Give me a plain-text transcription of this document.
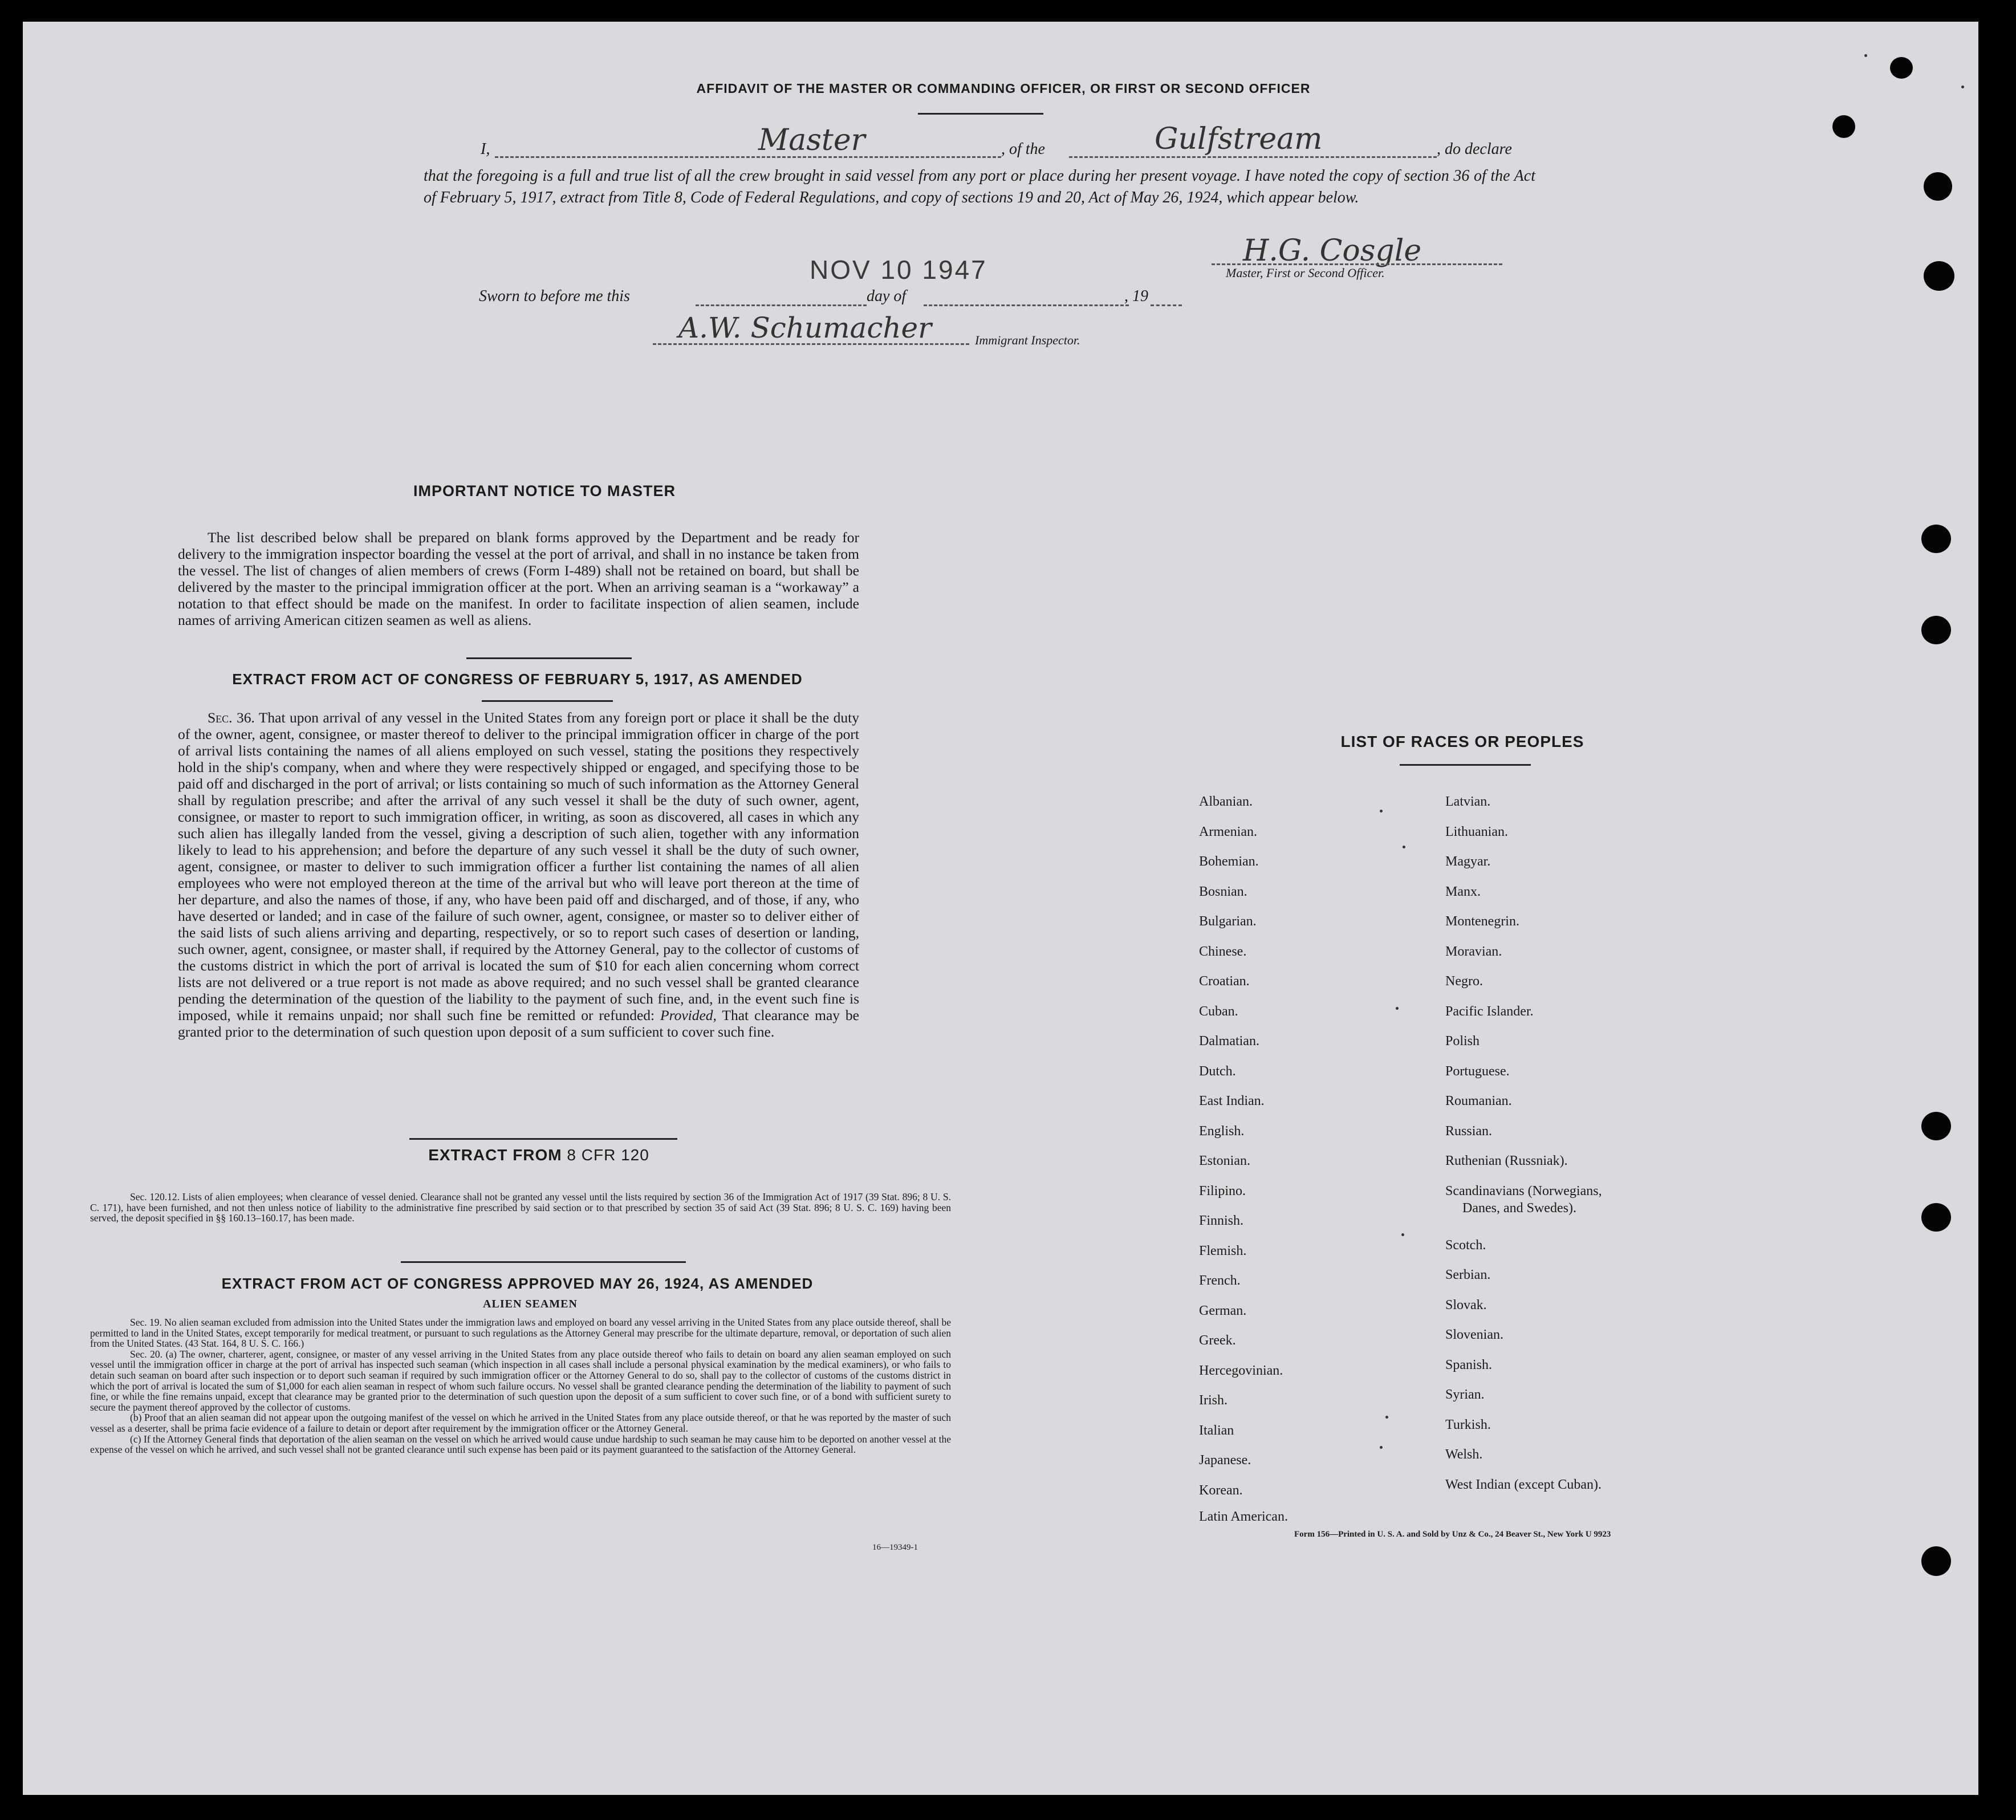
AFFIDAVIT OF THE MASTER OR COMMANDING OFFICER, OR FIRST OR SECOND OFFICER
I,	Master	, of the	Gulfstream	, do declare
that the foregoing is a full and true list of all the crew brought in said vessel from any port or place during her present voyage. I have noted the copy of section 36 of the Act of February 5, 1917, extract from Title 8, Code of Federal Regulations, and copy of sections 19 and 20, Act of May 26, 1924, which appear below.
H.G. Cosgle
Master, First or Second Officer.
NOV 10 1947
Sworn to before me this	day of	, 19
A.W. Schumacher	Immigrant Inspector.
IMPORTANT NOTICE TO MASTER

The list described below shall be prepared on blank forms approved by the Department and be ready for delivery to the immigration inspector boarding the vessel at the port of arrival, and shall in no instance be taken from the vessel. The list of changes of alien members of crews (Form I-489) shall not be retained on board, but shall be delivered by the master to the principal immigration officer at the port. When an arriving seaman is a “workaway” a notation to that effect should be made on the manifest. In order to facilitate inspection of alien seamen, include names of arriving American citizen seamen as well as aliens.

EXTRACT FROM ACT OF CONGRESS OF FEBRUARY 5, 1917, AS AMENDED

Sec. 36. That upon arrival of any vessel in the United States from any foreign port or place it shall be the duty of the owner, agent, consignee, or master thereof to deliver to the principal immigration officer in charge of the port of arrival lists containing the names of all aliens employed on such vessel, stating the positions they respectively hold in the ship's company, when and where they were respectively shipped or engaged, and specifying those to be paid off and discharged in the port of arrival; or lists containing so much of such information as the Attorney General shall by regulation prescribe; and after the arrival of any such vessel it shall be the duty of such owner, agent, consignee, or master to report to such immigration officer, in writing, as soon as discovered, all cases in which any such alien has illegally landed from the vessel, giving a description of such alien, together with any information likely to lead to his apprehension; and before the departure of any such vessel it shall be the duty of such owner, agent, consignee, or master to deliver to such immigration officer a further list containing the names of all alien employees who were not employed thereon at the time of the arrival but who will leave port thereon at the time of her departure, and also the names of those, if any, who have been paid off and discharged, and of those, if any, who have deserted or landed; and in case of the failure of such owner, agent, consignee, or master so to deliver either of the said lists of such aliens arriving and departing, respectively, or so to report such cases of desertion or landing, such owner, agent, consignee, or master shall, if required by the Attorney General, pay to the collector of customs of the customs district in which the port of arrival is located the sum of $10 for each alien concerning whom correct lists are not delivered or a true report is not made as above required; and no such vessel shall be granted clearance pending the determination of the question of the liability to the payment of such fine, and, in the event such fine is imposed, while it remains unpaid; nor shall such fine be remitted or refunded: Provided, That clearance may be granted prior to the determination of such question upon deposit of a sum sufficient to cover such fine.

EXTRACT FROM 8 CFR 120

Sec. 120.12. Lists of alien employees; when clearance of vessel denied. Clearance shall not be granted any vessel until the lists required by section 36 of the Immigration Act of 1917 (39 Stat. 896; 8 U. S. C. 171), have been furnished, and not then unless notice of liability to the administrative fine prescribed by said section or to that prescribed by section 35 of said Act (39 Stat. 896; 8 U. S. C. 169) having been served, the deposit specified in §§ 160.13–160.17, has been made.

EXTRACT FROM ACT OF CONGRESS APPROVED MAY 26, 1924, AS AMENDED
ALIEN SEAMEN

Sec. 19. No alien seaman excluded from admission into the United States under the immigration laws and employed on board any vessel arriving in the United States from any place outside thereof, shall be permitted to land in the United States, except temporarily for medical treatment, or pursuant to such regulations as the Attorney General may prescribe for the ultimate departure, removal, or deportation of such alien from the United States. (43 Stat. 164, 8 U. S. C. 166.)

Sec. 20. (a) The owner, charterer, agent, consignee, or master of any vessel arriving in the United States from any place outside thereof who fails to detain on board any alien seaman employed on such vessel until the immigration officer in charge at the port of arrival has inspected such seaman (which inspection in all cases shall include a personal physical examination by the medical examiners), or who fails to detain such seaman on board after such inspection or to deport such seaman if required by such immigration officer or the Attorney General to do so, shall pay to the collector of customs of the customs district in which the port of arrival is located the sum of $1,000 for each alien seaman in respect of whom such failure occurs. No vessel shall be granted clearance pending the determination of the liability to payment of such fine, or while the fine remains unpaid, except that clearance may be granted prior to the determination of such question upon the deposit of a sum sufficient to cover such fine, or of a bond with sufficient surety to secure the payment thereof approved by the collector of customs.

(b) Proof that an alien seaman did not appear upon the outgoing manifest of the vessel on which he arrived in the United States from any place outside thereof, or that he was reported by the master of such vessel as a deserter, shall be prima facie evidence of a failure to detain or deport after requirement by the immigration officer or the Attorney General.

(c) If the Attorney General finds that deportation of the alien seaman on the vessel on which he arrived would cause undue hardship to such seaman he may cause him to be deported on another vessel at the expense of the vessel on which he arrived, and such vessel shall not be granted clearance until such expense has been paid or its payment guaranteed to the satisfaction of the Attorney General.

16—19349-1
LIST OF RACES OR PEOPLES
Form 156—Printed in U. S. A. and Sold by Unz & Co., 24 Beaver St., New York U 9923
Albanian.
Armenian.
Bohemian.
Bosnian.
Bulgarian.
Chinese.
Croatian.
Cuban.
Dalmatian.
Dutch.
East Indian.
English.
Estonian.
Filipino.
Finnish.
Flemish.
French.
German.
Greek.
Hercegovinian.
Irish.
Italian
Japanese.
Korean.
Latin American.
Latvian.
Lithuanian.
Magyar.
Manx.
Montenegrin.
Moravian.
Negro.
Pacific Islander.
Polish
Portuguese.
Roumanian.
Russian.
Ruthenian (Russniak).
Scandinavians (Norwegians,
Danes, and Swedes).
Scotch.
Serbian.
Slovak.
Slovenian.
Spanish.
Syrian.
Turkish.
Welsh.
West Indian (except Cuban).
